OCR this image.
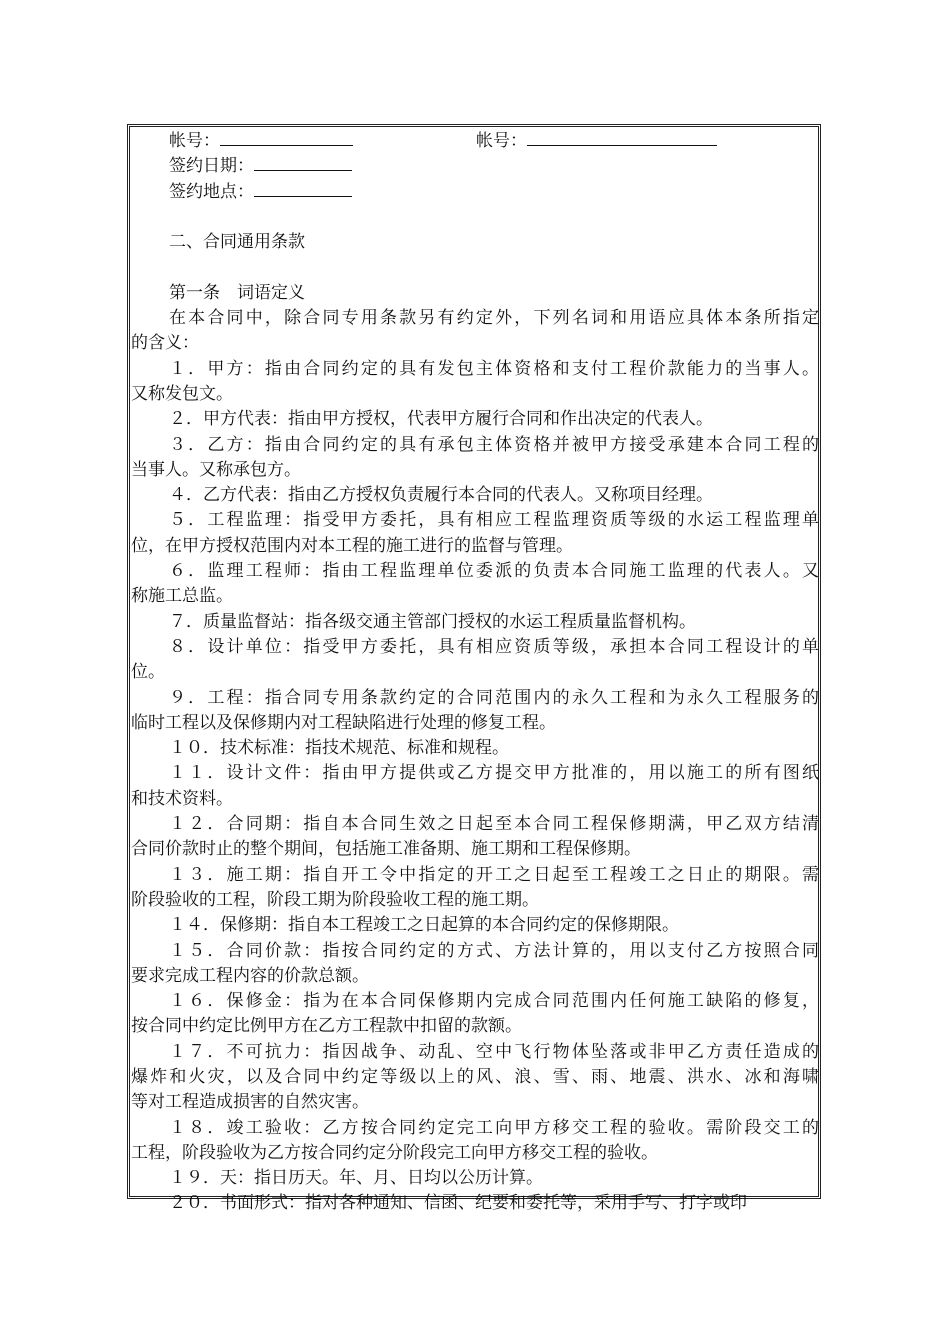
帐号：	帐号：
签约日期：
签约地点：
二、合同通用条款
第一条　词语定义
在本合同中，除合同专用条款另有约定外，下列名词和用语应具体本条所指定
的含义：
１．甲方：指由合同约定的具有发包主体资格和支付工程价款能力的当事人。
又称发包文。
２．甲方代表：指由甲方授权，代表甲方履行合同和作出决定的代表人。
３．乙方：指由合同约定的具有承包主体资格并被甲方接受承建本合同工程的
当事人。又称承包方。
４．乙方代表：指由乙方授权负责履行本合同的代表人。又称项目经理。
５．工程监理：指受甲方委托，具有相应工程监理资质等级的水运工程监理单
位，在甲方授权范围内对本工程的施工进行的监督与管理。
６．监理工程师：指由工程监理单位委派的负责本合同施工监理的代表人。又
称施工总监。
７．质量监督站：指各级交通主管部门授权的水运工程质量监督机构。
８．设计单位：指受甲方委托，具有相应资质等级，承担本合同工程设计的单
位。
９．工程：指合同专用条款约定的合同范围内的永久工程和为永久工程服务的
临时工程以及保修期内对工程缺陷进行处理的修复工程。
１０．技术标准：指技术规范、标准和规程。
１１．设计文件：指由甲方提供或乙方提交甲方批准的，用以施工的所有图纸
和技术资料。
１２．合同期：指自本合同生效之日起至本合同工程保修期满，甲乙双方结清
合同价款时止的整个期间，包括施工准备期、施工期和工程保修期。
１３．施工期：指自开工令中指定的开工之日起至工程竣工之日止的期限。需
阶段验收的工程，阶段工期为阶段验收工程的施工期。
１４．保修期：指自本工程竣工之日起算的本合同约定的保修期限。
１５．合同价款：指按合同约定的方式、方法计算的，用以支付乙方按照合同
要求完成工程内容的价款总额。
１６．保修金：指为在本合同保修期内完成合同范围内任何施工缺陷的修复，
按合同中约定比例甲方在乙方工程款中扣留的款额。
１７．不可抗力：指因战争、动乱、空中飞行物体坠落或非甲乙方责任造成的
爆炸和火灾，以及合同中约定等级以上的风、浪、雪、雨、地震、洪水、冰和海啸
等对工程造成损害的自然灾害。
１８．竣工验收：乙方按合同约定完工向甲方移交工程的验收。需阶段交工的
工程，阶段验收为乙方按合同约定分阶段完工向甲方移交工程的验收。
１９．天：指日历天。年、月、日均以公历计算。
２０．书面形式：指对各种通知、信函、纪要和委托等，采用手写、打字或印
